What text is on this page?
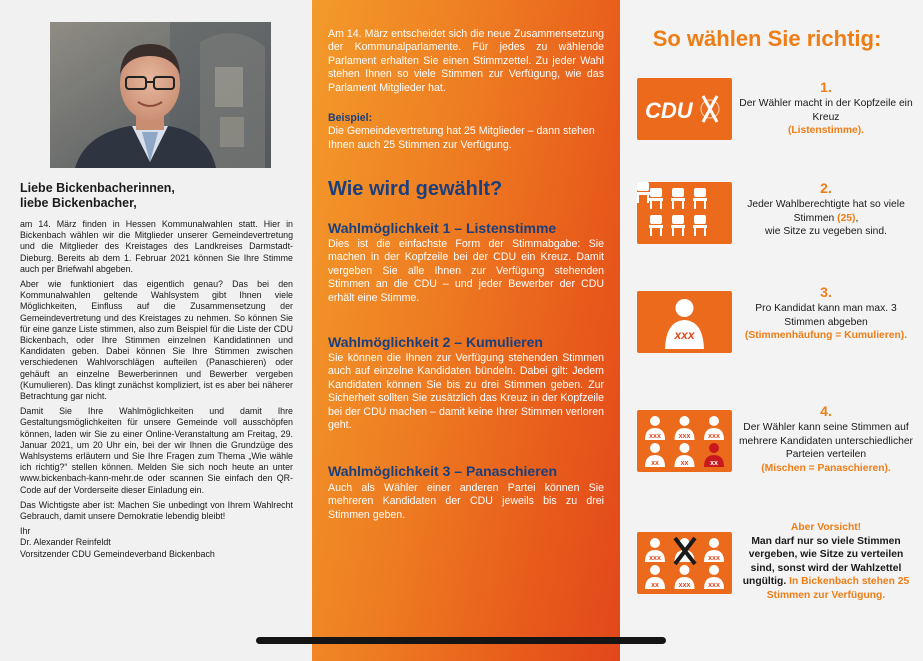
Liebe Bickenbacherinnen,
liebe Bickenbacher,

am 14. März finden in Hessen Kommunalwahlen statt. Hier in Bickenbach wählen wir die Mitglieder unserer Gemeindevertretung und die Mitglieder des Kreistages des Landkreises Darmstadt-Dieburg. Bereits ab dem 1. Februar 2021 können Sie Ihre Stimme auch per Briefwahl abgeben.

Aber wie funktioniert das eigentlich genau? Das bei den Kommunalwahlen geltende Wahlsystem gibt Ihnen viele Möglichkeiten, Einfluss auf die Zusammensetzung der Gemeindevertretung und des Kreistages zu nehmen. So können Sie für eine ganze Liste stimmen, also zum Beispiel für die Liste der CDU Bickenbach, oder Ihre Stimmen einzelnen Kandidatinnen und Kandidaten geben. Dabei können Sie Ihre Stimmen zwischen verschiedenen Wahlvorschlägen aufteilen (Panaschieren) oder gehäuft an einzelne Bewerberinnen und Bewerber vergeben (Kumulieren). Das klingt zunächst kompliziert, ist es aber bei näherer Betrachtung gar nicht.

Damit Sie Ihre Wahlmöglichkeiten und damit Ihre Gestaltungsmöglichkeiten für unsere Gemeinde voll ausschöpfen können, laden wir Sie zu einer Online-Veranstaltung am Freitag, 29. Januar 2021, um 20 Uhr ein, bei der wir Ihnen die Grundzüge des Wahlsystems erläutern und Sie Ihre Fragen zum Thema „Wie wähle ich richtig?“ stellen können. Melden Sie sich noch heute an unter www.bickenbach-kann-mehr.de oder scannen Sie einfach den QR-Code auf der Vorderseite dieser Einladung ein.

Das Wichtigste aber ist: Machen Sie unbedingt von Ihrem Wahlrecht Gebrauch, damit unsere Demokratie lebendig bleibt!

Ihr

Dr. Alexander Reinfeldt

Vorsitzender CDU Gemeindeverband Bickenbach

Am 14. März entscheidet sich die neue Zusammensetzung der Kommunalparlamente. Für jedes zu wählende Parlament erhalten Sie einen Stimmzettel. Zu jeder Wahl stehen Ihnen so viele Stimmen zur Verfügung, wie das Parlament Mitglieder hat.
Beispiel:
Die Gemeindevertretung hat 25 Mitglieder – dann stehen Ihnen auch 25 Stimmen zur Verfügung.
Wie wird gewählt?
Wahlmöglichkeit 1 – Listenstimme
Dies ist die einfachste Form der Stimmabgabe: Sie machen in der Kopfzeile bei der CDU ein Kreuz. Damit vergeben Sie alle Ihnen zur Verfügung stehenden Stimmen an die CDU – und jeder Bewerber der CDU erhält eine Stimme.
Wahlmöglichkeit 2 – Kumulieren
Sie können die Ihnen zur Verfügung stehenden Stimmen auch auf einzelne Kandidaten bündeln. Dabei gilt: Jedem Kandidaten können Sie bis zu drei Stimmen geben. Zur Sicherheit sollten Sie zusätzlich das Kreuz in der Kopfzeile bei der CDU machen – damit keine Ihrer Stimmen verloren geht.
Wahlmöglichkeit 3 – Panaschieren
Auch als Wähler einer anderen Partei können Sie mehreren Kandidaten der CDU jeweils bis zu drei Stimmen geben.
So wählen Sie richtig:
CDU
1.
Der Wähler macht in der Kopfzeile ein Kreuz
(Listenstimme).
2.
Jeder Wahlberechtigte hat so viele Stimmen (25),
wie Sitze zu vegeben sind.
xxx
3.
Pro Kandidat kann man max. 3 Stimmen abgeben
(Stimmenhäufung = Kumulieren).
xxx	xxx	xxx
xx	xx	xx
4.
Der Wähler kann seine Stimmen auf mehrere Kandidaten unterschiedlicher Parteien verteilen
(Mischen = Panaschieren).
xxx	xxx
xx	xxx	xxx
Aber Vorsicht!
Man darf nur so viele Stimmen vergeben, wie Sitze zu verteilen sind, sonst wird der Wahlzettel ungültig. In Bickenbach stehen 25 Stimmen zur Verfügung.
